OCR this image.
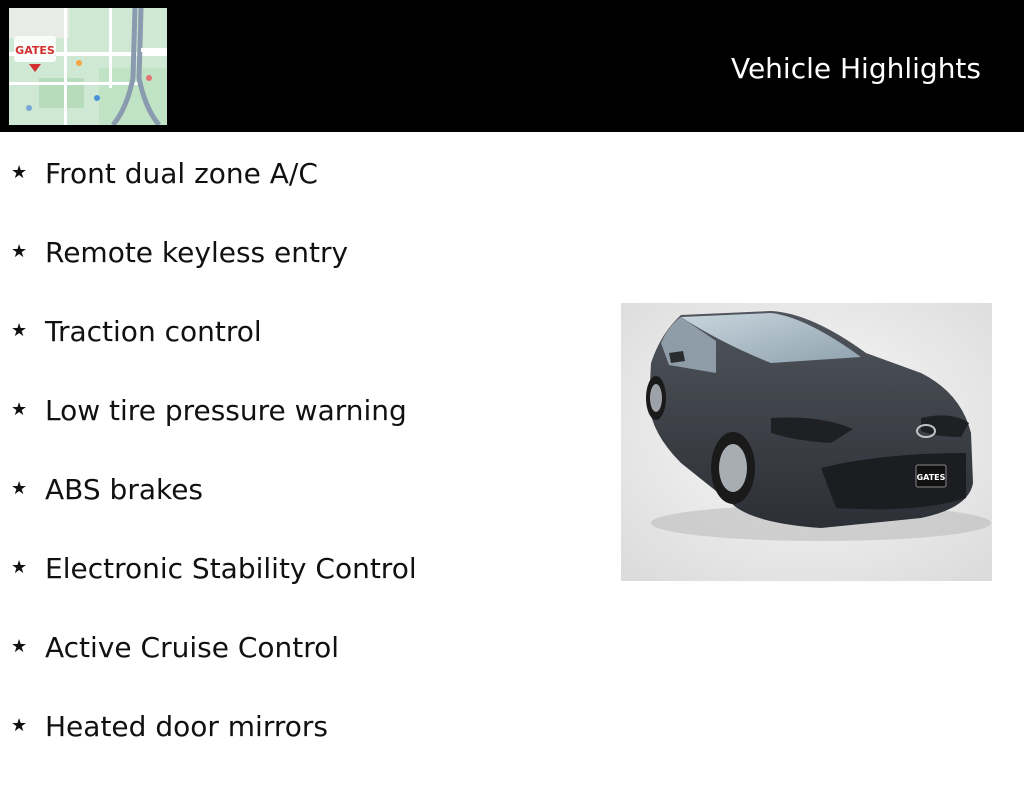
GATES
Vehicle Highlights
★ Front dual zone A/C
★ Remote keyless entry
★ Traction control
★ Low tire pressure warning
★ ABS brakes
★ Electronic Stability Control
★ Active Cruise Control
★ Heated door mirrors
GATES
